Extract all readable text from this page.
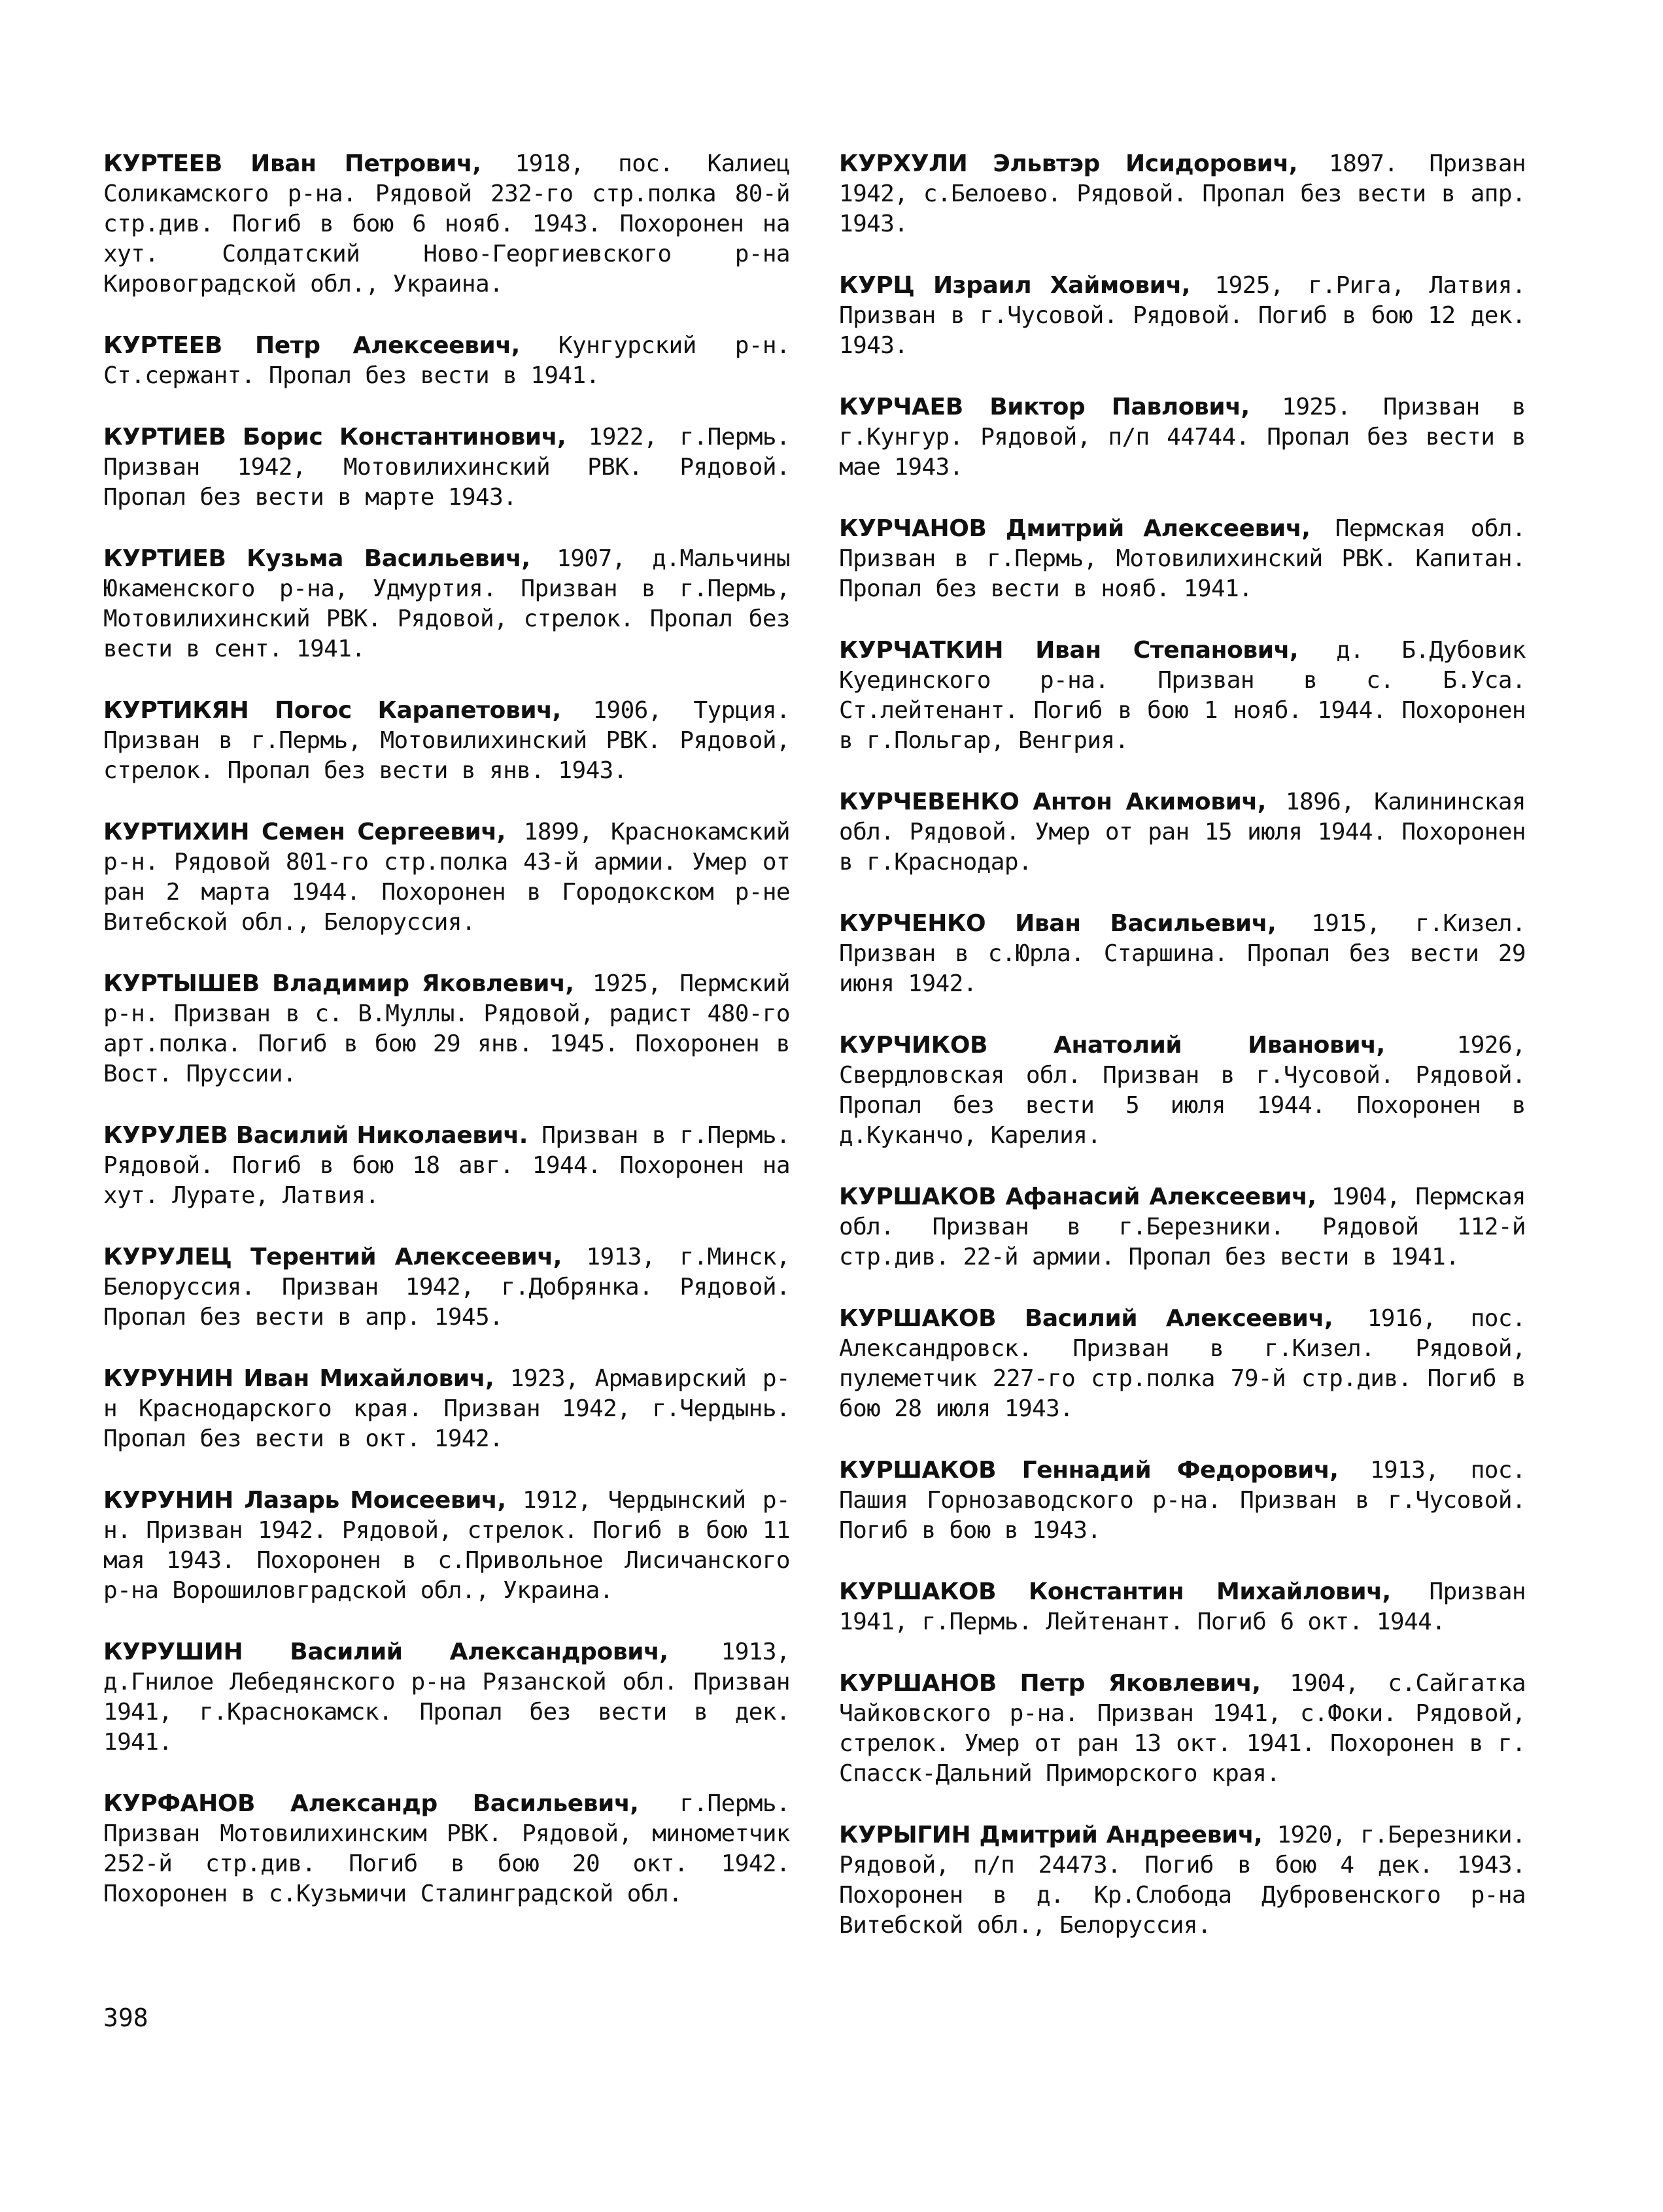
КУРТЕЕВ Иван Петрович, 1918, пос. Калиец Соликамского р-на. Рядовой 232-го стр.полка 80-й стр.див. Погиб в бою 6 нояб. 1943. Похоронен на хут. Солдатский Ново-Георгиевского р-на Кировоградской обл., Украина.

КУРТЕЕВ Петр Алексеевич, Кунгурский р-н. Ст.сержант. Пропал без вести в 1941.

КУРТИЕВ Борис Константинович, 1922, г.Пермь. Призван 1942, Мотовилихинский РВК. Рядовой. Пропал без вести в марте 1943.

КУРТИЕВ Кузьма Васильевич, 1907, д.Мальчины Юкаменского р-на, Удмуртия. Призван в г.Пермь, Мотовилихинский РВК. Рядовой, стрелок. Пропал без вести в сент. 1941.

КУРТИКЯН Погос Карапетович, 1906, Турция. Призван в г.Пермь, Мотовилихинский РВК. Рядовой, стрелок. Пропал без вести в янв. 1943.

КУРТИХИН Семен Сергеевич, 1899, Краснокамский р-н. Рядовой 801-го стр.полка 43-й армии. Умер от ран 2 марта 1944. Похоронен в Городокском р-не Витебской обл., Белоруссия.

КУРТЫШЕВ Владимир Яковлевич, 1925, Пермский р-н. Призван в с. В.Муллы. Рядовой, радист 480-го арт.полка. Погиб в бою 29 янв. 1945. Похоронен в Вост. Пруссии.

КУРУЛЕВ Василий Николаевич. Призван в г.Пермь. Рядовой. Погиб в бою 18 авг. 1944. Похоронен на хут. Лурате, Латвия.

КУРУЛЕЦ Терентий Алексеевич, 1913, г.Минск, Белоруссия. Призван 1942, г.Добрянка. Рядовой. Пропал без вести в апр. 1945.

КУРУНИН Иван Михайлович, 1923, Армавирский р-н Краснодарского края. Призван 1942, г.Чердынь. Пропал без вести в окт. 1942.

КУРУНИН Лазарь Моисеевич, 1912, Чердынский р-н. Призван 1942. Рядовой, стрелок. Погиб в бою 11 мая 1943. Похоронен в с.Привольное Лисичанского р-на Ворошиловградской обл., Украина.

КУРУШИН Василий Александрович, 1913, д.Гнилое Лебедянского р-на Рязанской обл. Призван 1941, г.Краснокамск. Пропал без вести в дек. 1941.

КУРФАНОВ Александр Васильевич, г.Пермь. Призван Мотовилихинским РВК. Рядовой, минометчик 252-й стр.див. Погиб в бою 20 окт. 1942. Похоронен в с.Кузьмичи Сталинградской обл.

КУРХУЛИ Эльвтэр Исидорович, 1897. Призван 1942, с.Белоево. Рядовой. Пропал без вести в апр. 1943.

КУРЦ Израил Хаймович, 1925, г.Рига, Латвия. Призван в г.Чусовой. Рядовой. Погиб в бою 12 дек. 1943.

КУРЧАЕВ Виктор Павлович, 1925. Призван в г.Кунгур. Рядовой, п/п 44744. Пропал без вести в мае 1943.

КУРЧАНОВ Дмитрий Алексеевич, Пермская обл. Призван в г.Пермь, Мотовилихинский РВК. Капитан. Пропал без вести в нояб. 1941.

КУРЧАТКИН Иван Степанович, д. Б.Дубовик Куединского р-на. Призван в с. Б.Уса. Ст.лейтенант. Погиб в бою 1 нояб. 1944. Похоронен в г.Польгар, Венгрия.

КУРЧЕВЕНКО Антон Акимович, 1896, Калининская обл. Рядовой. Умер от ран 15 июля 1944. Похоронен в г.Краснодар.

КУРЧЕНКО Иван Васильевич, 1915, г.Кизел. Призван в с.Юрла. Старшина. Пропал без вести 29 июня 1942.

КУРЧИКОВ Анатолий Иванович, 1926, Свердловская обл. Призван в г.Чусовой. Рядовой. Пропал без вести 5 июля 1944. Похоронен в д.Куканчо, Карелия.

КУРШАКОВ Афанасий Алексеевич, 1904, Пермская обл. Призван в г.Березники. Рядовой 112-й стр.див. 22-й армии. Пропал без вести в 1941.

КУРШАКОВ Василий Алексеевич, 1916, пос. Александровск. Призван в г.Кизел. Рядовой, пулеметчик 227-го стр.полка 79-й стр.див. Погиб в бою 28 июля 1943.

КУРШАКОВ Геннадий Федорович, 1913, пос. Пашия Горнозаводского р-на. Призван в г.Чусовой. Погиб в бою в 1943.

КУРШАКОВ Константин Михайлович, Призван 1941, г.Пермь. Лейтенант. Погиб 6 окт. 1944.

КУРШАНОВ Петр Яковлевич, 1904, с.Сайгатка Чайковского р-на. Призван 1941, с.Фоки. Рядовой, стрелок. Умер от ран 13 окт. 1941. Похоронен в г. Спасск-Дальний Приморского края.

КУРЫГИН Дмитрий Андреевич, 1920, г.Березники. Рядовой, п/п 24473. Погиб в бою 4 дек. 1943. Похоронен в д. Кр.Слобода Дубровенского р-на Витебской обл., Белоруссия.

398
